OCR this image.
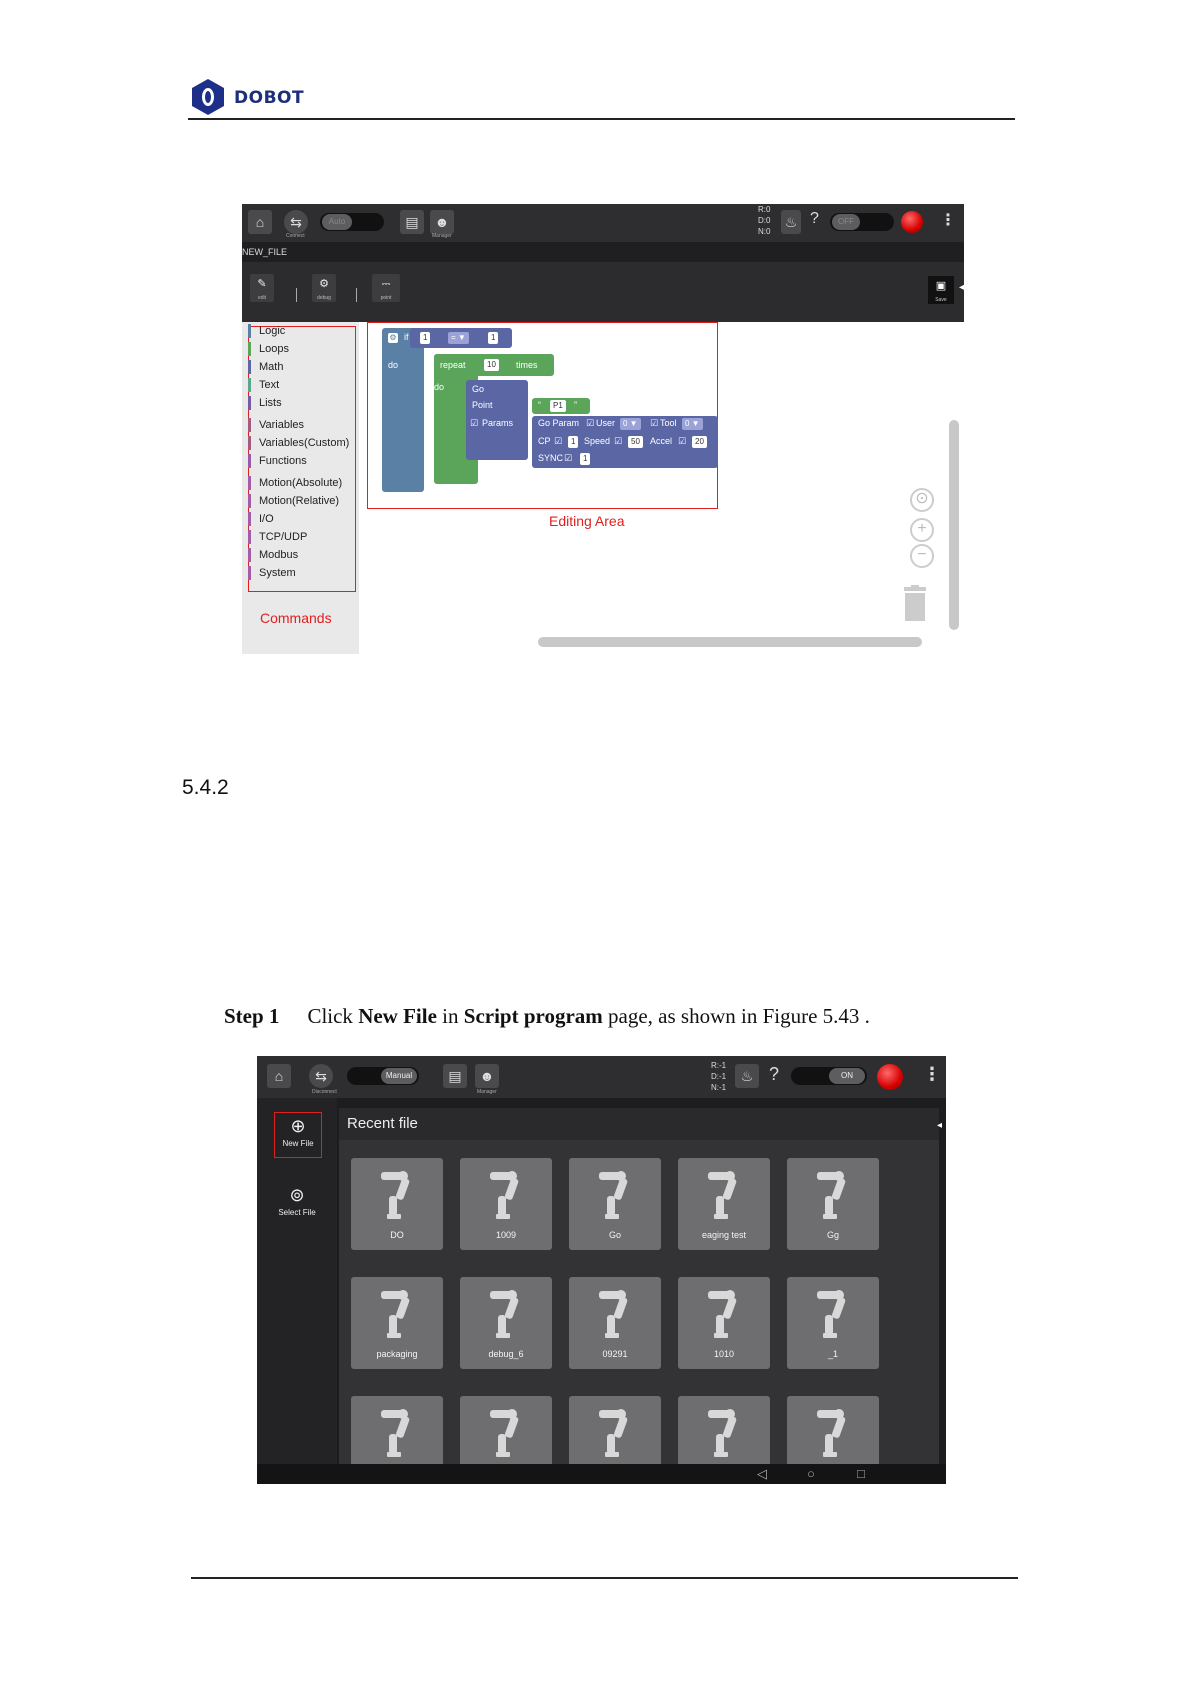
DOBOT
⌂	⇆
Connect
Auto	▤	☻
Manager
R:0
D:0
N:0
♨ ?	OFF	⋮
NEW_FILE
✎
edit
⚙
debug
⎓
point
▣
Save
◂
Logic
Loops
Math
Text
Lists
Variables
Variables(Custom)
Functions
Motion(Absolute)
Motion(Relative)
I/O
TCP/UDP
Modbus
System
Commands
Editing Area
⚙ if
do
1	= ▼	1
do
repeat	10	times
Go
Point
☑ Params
“	P1	”
Go Param ☑ User 0 ▼	☑ Tool	0 ▼
CP ☑	1 Speed ☑	50	Accel ☑	20
SYNC ☑	1
⊙
+
−
5.4.2
Step 1 Click New File in Script program page, as shown in Figure 5.43 .
⌂	⇆
Disconnect
Manual	▤	☻
Manager
R:-1
D:-1
N:-1
♨ ?	ON	⋮
⊕
New File
⊚
Select File
Recent file
DO	1009	Go	eaging test	Gg
packaging	debug_6	09291	1010	_1
◂
◁	○	□
